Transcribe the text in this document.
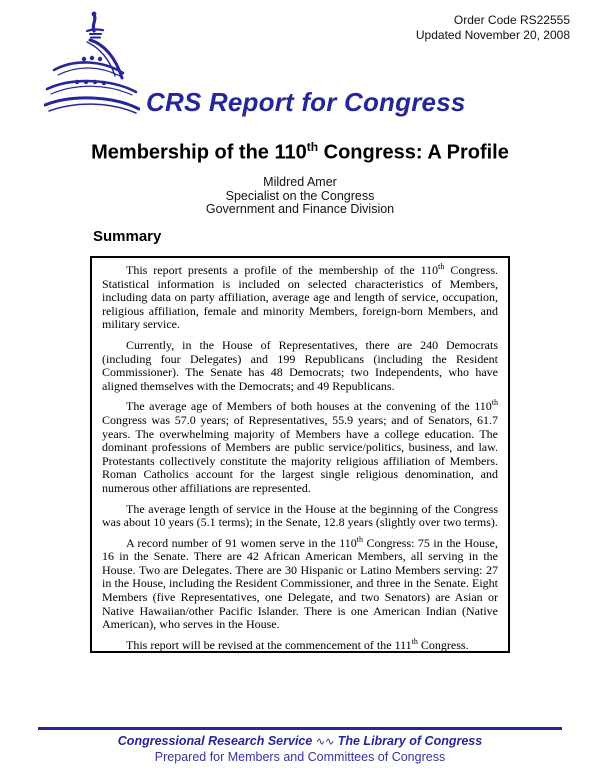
Order Code RS22555
Updated November 20, 2008
CRS Report for Congress
Membership of the 110th Congress: A Profile
Mildred Amer
Specialist on the Congress
Government and Finance Division
Summary

This report presents a profile of the membership of the 110th Congress. Statistical information is included on selected characteristics of Members, including data on party affiliation, average age and length of service, occupation, religious affiliation, female and minority Members, foreign-born Members, and military service.

Currently, in the House of Representatives, there are 240 Democrats (including four Delegates) and 199 Republicans (including the Resident Commissioner). The Senate has 48 Democrats; two Independents, who have aligned themselves with the Democrats; and 49 Republicans.

The average age of Members of both houses at the convening of the 110th Congress was 57.0 years; of Representatives, 55.9 years; and of Senators, 61.7 years. The overwhelming majority of Members have a college education. The dominant professions of Members are public service/politics, business, and law. Protestants collectively constitute the majority religious affiliation of Members. Roman Catholics account for the largest single religious denomination, and numerous other affiliations are represented.

The average length of service in the House at the beginning of the Congress was about 10 years (5.1 terms); in the Senate, 12.8 years (slightly over two terms).

A record number of 91 women serve in the 110th Congress: 75 in the House, 16 in the Senate. There are 42 African American Members, all serving in the House. Two are Delegates. There are 30 Hispanic or Latino Members serving: 27 in the House, including the Resident Commissioner, and three in the Senate. Eight Members (five Representatives, one Delegate, and two Senators) are Asian or Native Hawaiian/other Pacific Islander. There is one American Indian (Native American), who serves in the House.

This report will be revised at the commencement of the 111th Congress.

Congressional Research Service ∿∿ The Library of Congress
Prepared for Members and Committees of Congress
